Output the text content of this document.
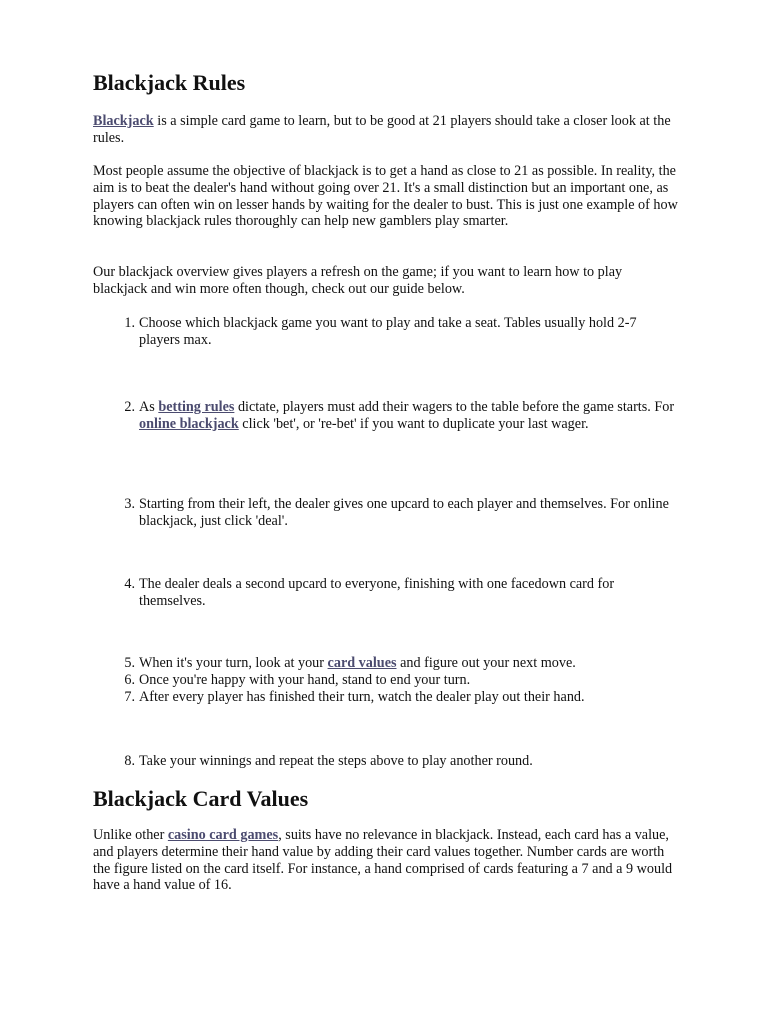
Blackjack Rules

Blackjack is a simple card game to learn, but to be good at 21 players should take a closer look at the rules.

Most people assume the objective of blackjack is to get a hand as close to 21 as possible. In reality, the aim is to beat the dealer's hand without going over 21. It's a small distinction but an important one, as players can often win on lesser hands by waiting for the dealer to bust. This is just one example of how knowing blackjack rules thoroughly can help new gamblers play smarter.

Our blackjack overview gives players a refresh on the game; if you want to learn how to play blackjack and win more often though, check out our guide below.

1. Choose which blackjack game you want to play and take a seat. Tables usually hold 2-7 players max.
2. As betting rules dictate, players must add their wagers to the table before the game starts. For online blackjack click 'bet', or 're-bet' if you want to duplicate your last wager.
3. Starting from their left, the dealer gives one upcard to each player and themselves. For online blackjack, just click 'deal'.
4. The dealer deals a second upcard to everyone, finishing with one facedown card for themselves.
5. When it's your turn, look at your card values and figure out your next move.
6. Once you're happy with your hand, stand to end your turn.
7. After every player has finished their turn, watch the dealer play out their hand.
8. Take your winnings and repeat the steps above to play another round.
Blackjack Card Values

Unlike other casino card games, suits have no relevance in blackjack. Instead, each card has a value, and players determine their hand value by adding their card values together. Number cards are worth the figure listed on the card itself. For instance, a hand comprised of cards featuring a 7 and a 9 would have a hand value of 16.
